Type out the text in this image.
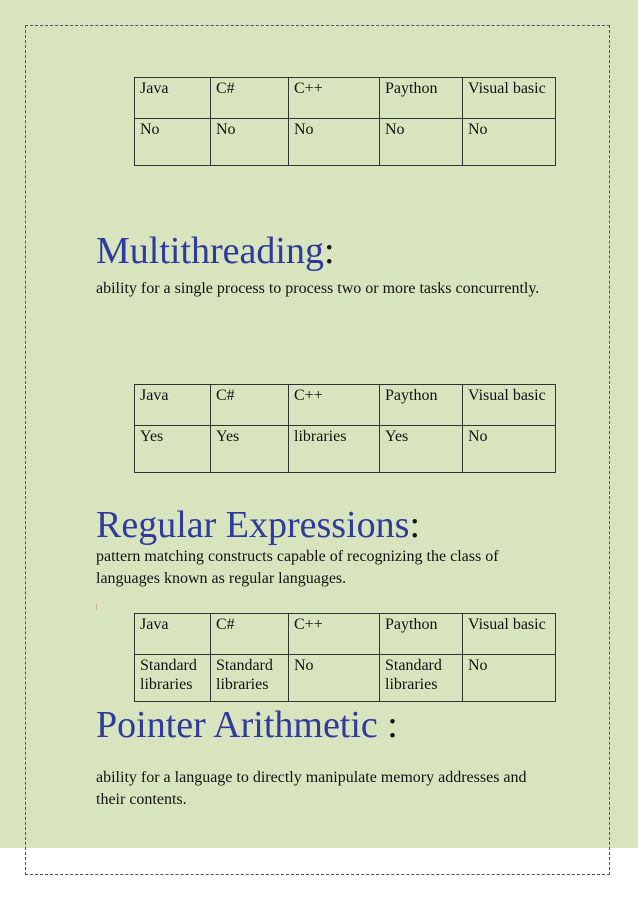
Java	C#	C++	Paython	Visual basic
No	No	No	No	No
Multithreading:
ability for a single process to process two or more tasks concurrently.
Java	C#	C++	Paython	Visual basic
Yes	Yes	libraries	Yes	No
Regular Expressions:
pattern matching constructs capable of recognizing the class of languages known as regular languages.
Java	C#	C++	Paython	Visual basic
Standard libraries	Standard libraries	No	Standard libraries	No
Pointer Arithmetic :
ability for a language to directly manipulate memory addresses and their contents.
